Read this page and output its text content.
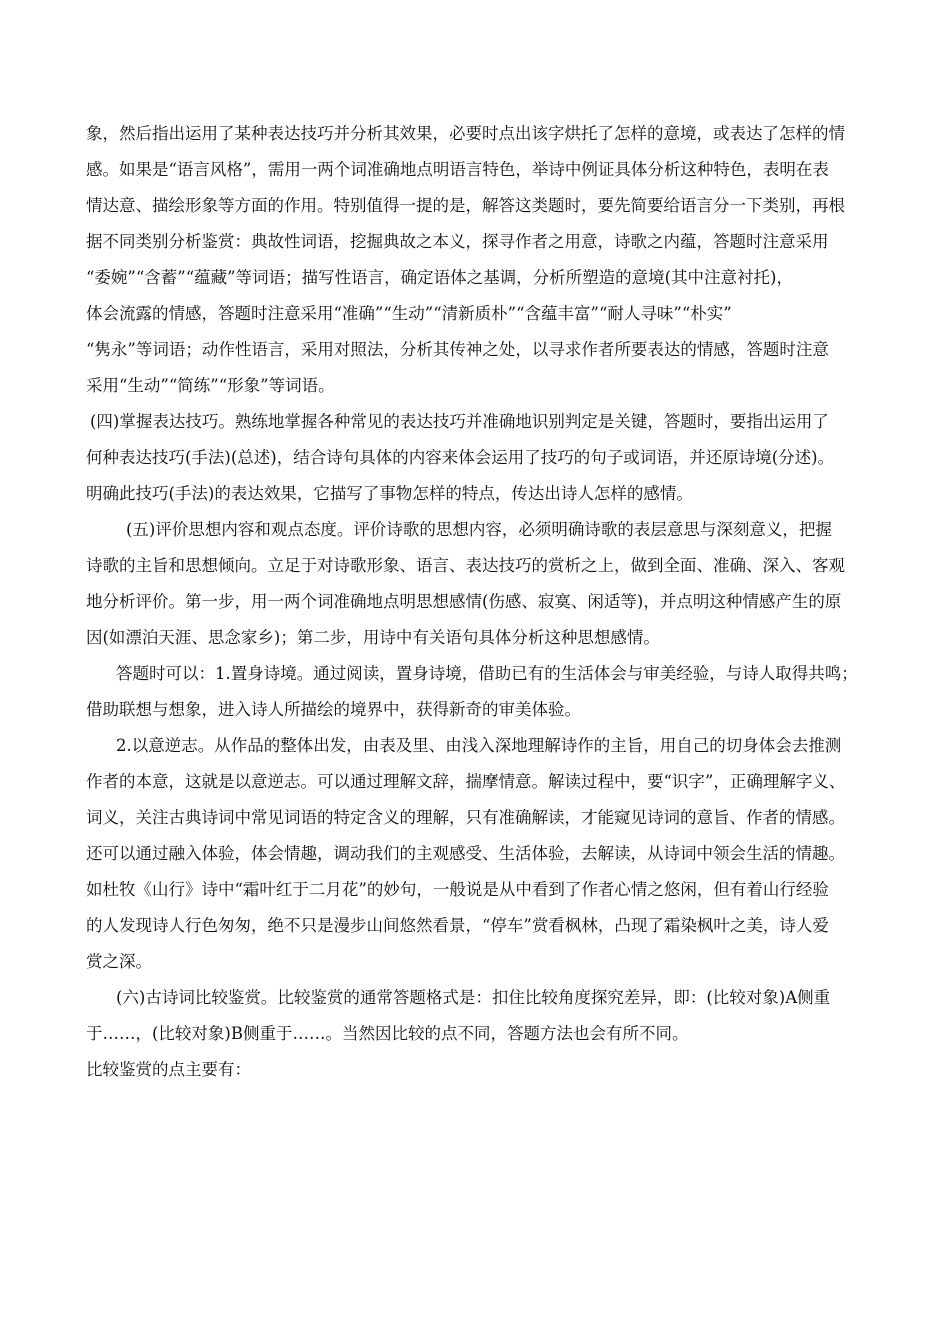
象，然后指出运用了某种表达技巧并分析其效果，必要时点出该字烘托了怎样的意境，或表达了怎样的情
感。如果是“语言风格”，需用一两个词准确地点明语言特色，举诗中例证具体分析这种特色，表明在表
情达意、描绘形象等方面的作用。特别值得一提的是，解答这类题时，要先简要给语言分一下类别，再根
据不同类别分析鉴赏：典故性词语，挖掘典故之本义，探寻作者之用意，诗歌之内蕴，答题时注意采用
“委婉”“含蓄”“蕴藏”等词语；描写性语言，确定语体之基调，分析所塑造的意境(其中注意衬托)，
体会流露的情感，答题时注意采用“准确”“生动”“清新质朴”“含蕴丰富”“耐人寻味”“朴实”
“隽永”等词语；动作性语言，采用对照法，分析其传神之处，以寻求作者所要表达的情感，答题时注意
采用“生动”“简练”“形象”等词语。

(四)掌握表达技巧。熟练地掌握各种常见的表达技巧并准确地识别判定是关键，答题时，要指出运用了
何种表达技巧(手法)(总述)，结合诗句具体的内容来体会运用了技巧的句子或词语，并还原诗境(分述)。
明确此技巧(手法)的表达效果，它描写了事物怎样的特点，传达出诗人怎样的感情。

(五)评价思想内容和观点态度。评价诗歌的思想内容，必须明确诗歌的表层意思与深刻意义，把握
诗歌的主旨和思想倾向。立足于对诗歌形象、语言、表达技巧的赏析之上，做到全面、准确、深入、客观
地分析评价。第一步，用一两个词准确地点明思想感情(伤感、寂寞、闲适等)，并点明这种情感产生的原
因(如漂泊天涯、思念家乡)；第二步，用诗中有关语句具体分析这种思想感情。

答题时可以：1.置身诗境。通过阅读，置身诗境，借助已有的生活体会与审美经验，与诗人取得共鸣；
借助联想与想象，进入诗人所描绘的境界中，获得新奇的审美体验。

2.以意逆志。从作品的整体出发，由表及里、由浅入深地理解诗作的主旨，用自己的切身体会去推测
作者的本意，这就是以意逆志。可以通过理解文辞，揣摩情意。解读过程中，要“识字”，正确理解字义、
词义，关注古典诗词中常见词语的特定含义的理解，只有准确解读，才能窥见诗词的意旨、作者的情感。
还可以通过融入体验，体会情趣，调动我们的主观感受、生活体验，去解读，从诗词中领会生活的情趣。
如杜牧《山行》诗中“霜叶红于二月花”的妙句，一般说是从中看到了作者心情之悠闲，但有着山行经验
的人发现诗人行色匆匆，绝不只是漫步山间悠然看景，“停车”赏看枫林，凸现了霜染枫叶之美，诗人爱
赏之深。

(六)古诗词比较鉴赏。比较鉴赏的通常答题格式是：扣住比较角度探究差异，即：(比较对象)A侧重
于……，(比较对象)B侧重于……。当然因比较的点不同，答题方法也会有所不同。

比较鉴赏的点主要有：
